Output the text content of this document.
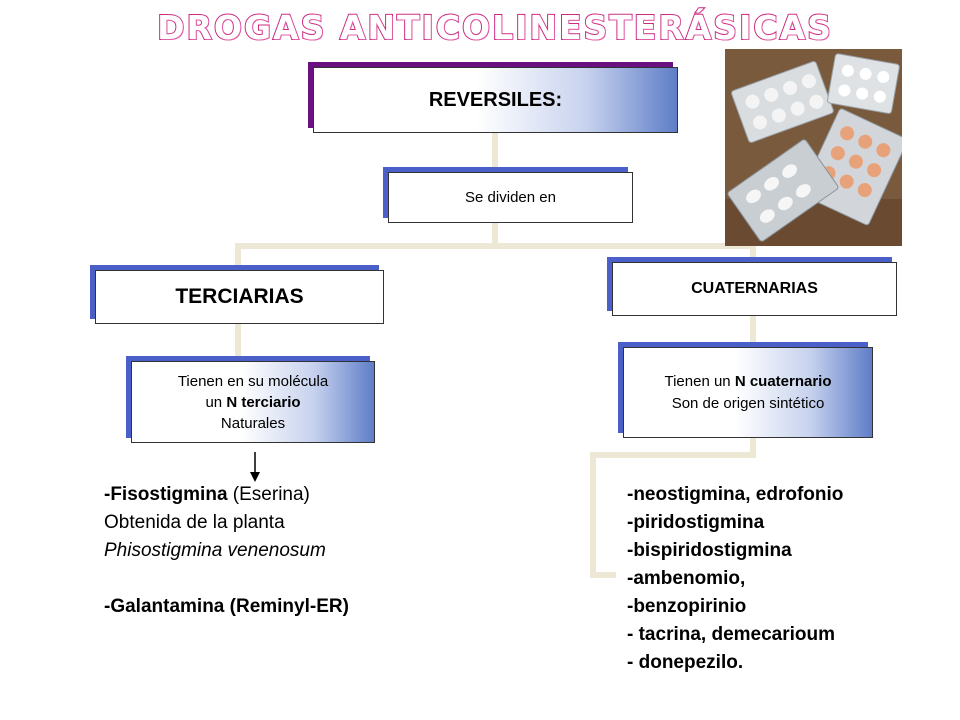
DROGAS ANTICOLINESTERÁSICAS
REVERSILES:
Se dividen en
TERCIARIAS	CUATERNARIAS
Tienen en su molécula
un N terciario
Naturales
Tienen un N cuaternario
Son de origen sintético
-Fisostigmina (Eserina)
Obtenida de la planta
Phisostigmina venenosum
-Galantamina (Reminyl-ER)
-neostigmina, edrofonio
-piridostigmina
-bispiridostigmina
-ambenomio,
-benzopirinio
- tacrina, demecarioum
- donepezilo.
